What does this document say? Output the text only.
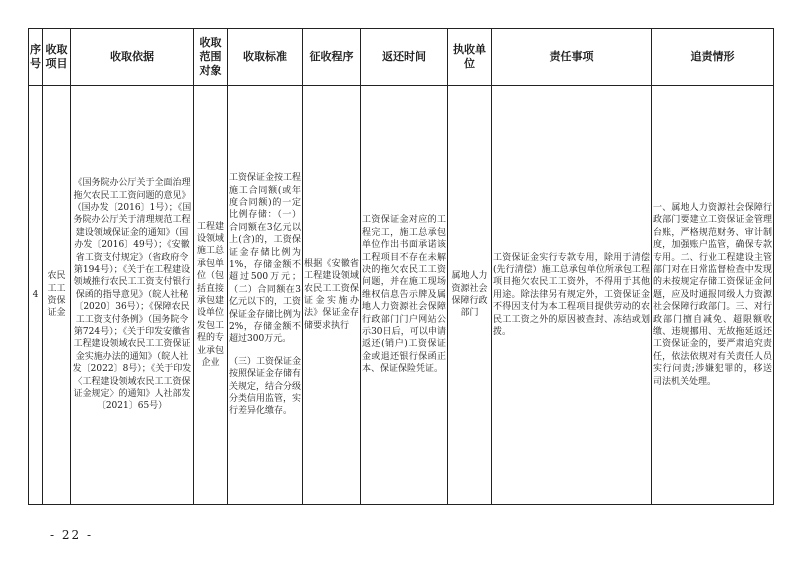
序号	收取项目	收取依据	收取范围对象	收取标准	征收程序	返还时间	执收单位	责任事项	追责情形
4	农民工工资保证金	《国务院办公厅关于全面治理拖欠农民工工资问题的意见》（国办发〔2016〕1号）；《国务院办公厅关于清理规范工程建设领域保证金的通知》（国办发〔2016〕49号）；《安徽省工资支付规定》（省政府令第194号）；《关于在工程建设领域推行农民工工资支付银行保函的指导意见》（皖人社秘〔2020〕36号）；《保障农民工工资支付条例》（国务院令第724号）；《关于印发安徽省工程建设领域农民工工资保证金实施办法的通知》（皖人社发〔2022〕8号）；《关于印发〈工程建设领域农民工工资保证金规定〉的通知》人社部发〔2021〕65号）	工程建设领域施工总承包单位（包括直接承包建设单位发包工程的专业承包企业	工资保证金按工程施工合同额(或年度合同额)的一定比例存储：（一）合同额在3亿元以上(含)的，工资保证金存储比例为1%，存储金额不超过500万元；（二）合同额在3亿元以下的，工资保证金存储比例为2%，存储金额不超过300万元。
（三）工资保证金按照保证金存储有关规定，结合分级分类信用监管，实行差异化缴存。	根据《安徽省工程建设领域农民工工资保证金实施办法》保证金存储要求执行	工资保证金对应的工程完工，施工总承包单位作出书面承诺该工程项目不存在未解决的拖欠农民工工资问题，并在施工现场维权信息告示牌及属地人力资源社会保障行政部门门户网站公示30日后，可以申请返还(销户)工资保证金或退还银行保函正本、保证保险凭证。	属地人力资源社会保障行政部门	工资保证金实行专款专用，除用于清偿(先行清偿）施工总承包单位所承包工程项目拖欠农民工工资外，不得用于其他用途。除法律另有规定外，工资保证金不得因支付为本工程项目提供劳动的农民工工资之外的原因被查封、冻结或划拨。	一、属地人力资源社会保障行政部门要建立工资保证金管理台账，严格规范财务、审计制度，加强账户监管，确保专款专用。二、行业工程建设主管部门对在日常监督检查中发现的未按规定存储工资保证金问题，应及时通报同级人力资源社会保障行政部门。三、对行政部门擅自减免、超限额收缴、违规挪用、无故拖延返还工资保证金的，要严肃追究责任，依法依规对有关责任人员实行问责;涉嫌犯罪的，移送司法机关处理。
- 22 -
